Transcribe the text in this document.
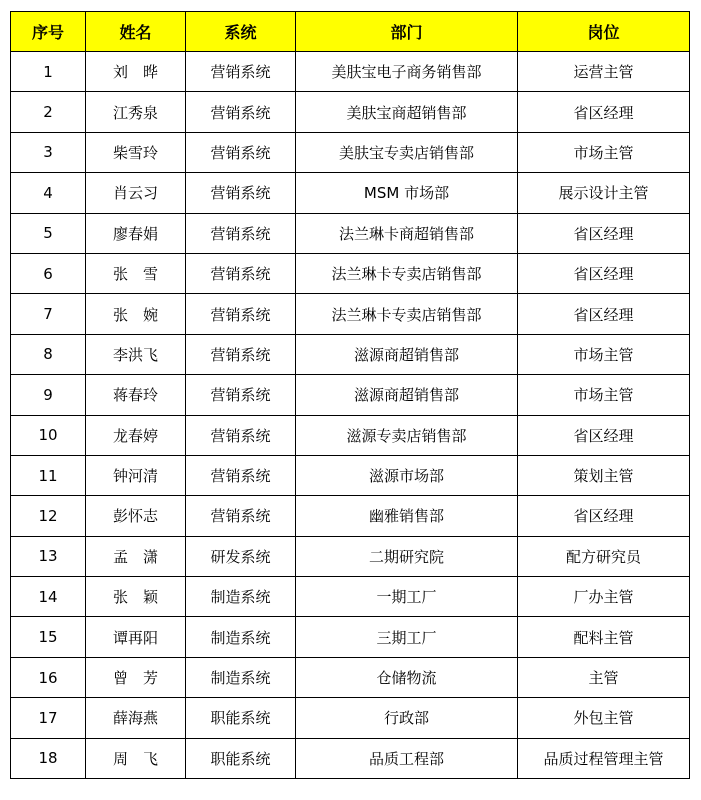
序号	姓名	系统	部门	岗位
1	刘　晔	营销系统	美肤宝电子商务销售部	运营主管
2	江秀泉	营销系统	美肤宝商超销售部	省区经理
3	柴雪玲	营销系统	美肤宝专卖店销售部	市场主管
4	肖云习	营销系统	MSM 市场部	展示设计主管
5	廖春娟	营销系统	法兰琳卡商超销售部	省区经理
6	张　雪	营销系统	法兰琳卡专卖店销售部	省区经理
7	张　婉	营销系统	法兰琳卡专卖店销售部	省区经理
8	李洪飞	营销系统	滋源商超销售部	市场主管
9	蒋春玲	营销系统	滋源商超销售部	市场主管
10	龙春婷	营销系统	滋源专卖店销售部	省区经理
11	钟河清	营销系统	滋源市场部	策划主管
12	彭怀志	营销系统	幽雅销售部	省区经理
13	孟　潇	研发系统	二期研究院	配方研究员
14	张　颖	制造系统	一期工厂	厂办主管
15	谭再阳	制造系统	三期工厂	配料主管
16	曾　芳	制造系统	仓储物流	主管
17	薛海燕	职能系统	行政部	外包主管
18	周　飞	职能系统	品质工程部	品质过程管理主管
